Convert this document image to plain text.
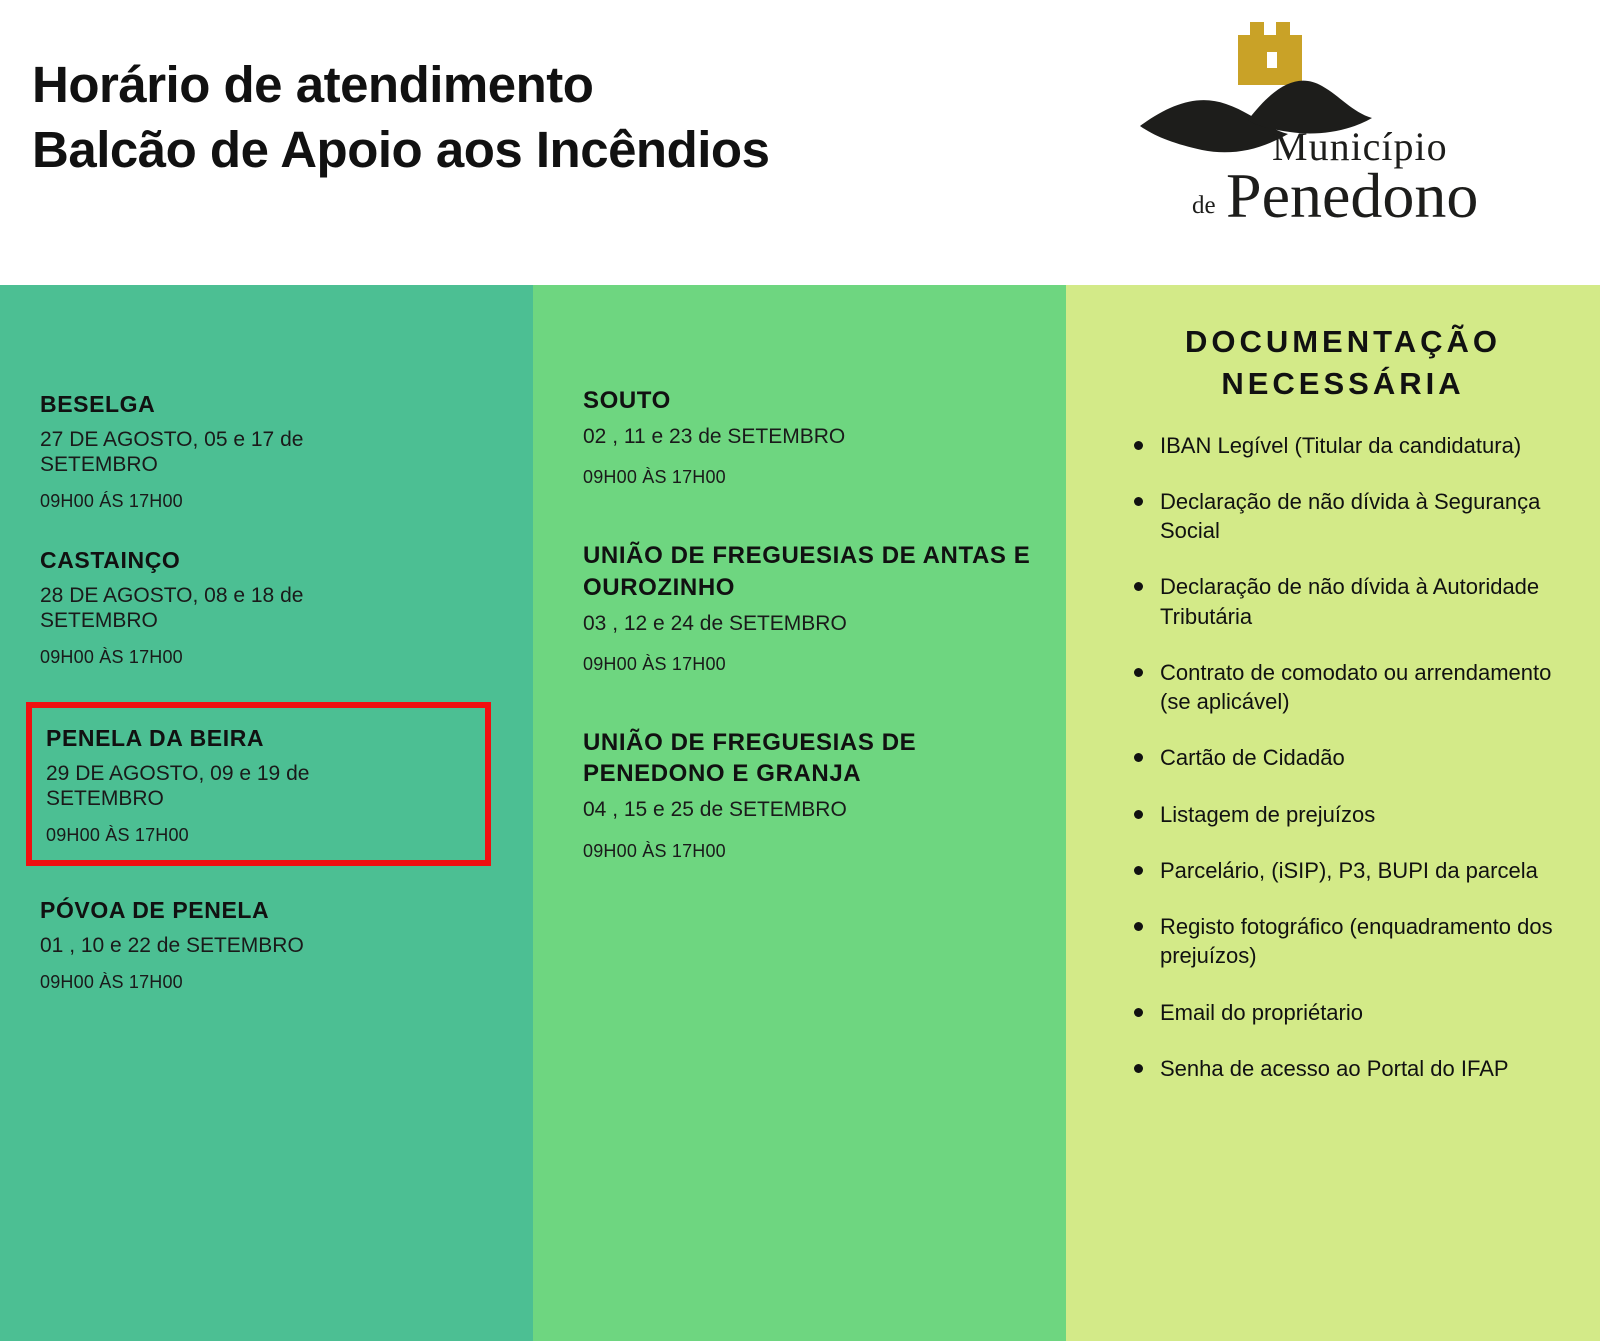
Horário de atendimento
Balcão de Apoio aos Incêndios	Município
de Penedono
BESELGA
27 DE AGOSTO, 05 e 17 de SETEMBRO
09H00 ÁS 17H00
CASTAINÇO
28 DE AGOSTO, 08 e 18 de SETEMBRO
09H00 ÀS 17H00
PENELA DA BEIRA
29 DE AGOSTO, 09 e 19 de SETEMBRO
09H00 ÀS 17H00
PÓVOA DE PENELA
01 , 10 e 22 de SETEMBRO
09H00 ÀS 17H00
SOUTO
02 , 11 e 23 de SETEMBRO
09H00 ÀS 17H00
UNIÃO DE FREGUESIAS DE ANTAS E OUROZINHO
03 , 12 e 24 de SETEMBRO
09H00 ÀS 17H00
UNIÃO DE FREGUESIAS DE PENEDONO E GRANJA
04 , 15 e 25 de SETEMBRO
09H00 ÀS 17H00
DOCUMENTAÇÃO NECESSÁRIA
IBAN Legível (Titular da candidatura)
Declaração de não dívida à Segurança Social
Declaração de não dívida à Autoridade Tributária
Contrato de comodato ou arrendamento (se aplicável)
Cartão de Cidadão
Listagem de prejuízos
Parcelário, (iSIP), P3, BUPI da parcela
Registo fotográfico (enquadramento dos prejuízos)
Email do propriétario
Senha de acesso ao Portal do IFAP
